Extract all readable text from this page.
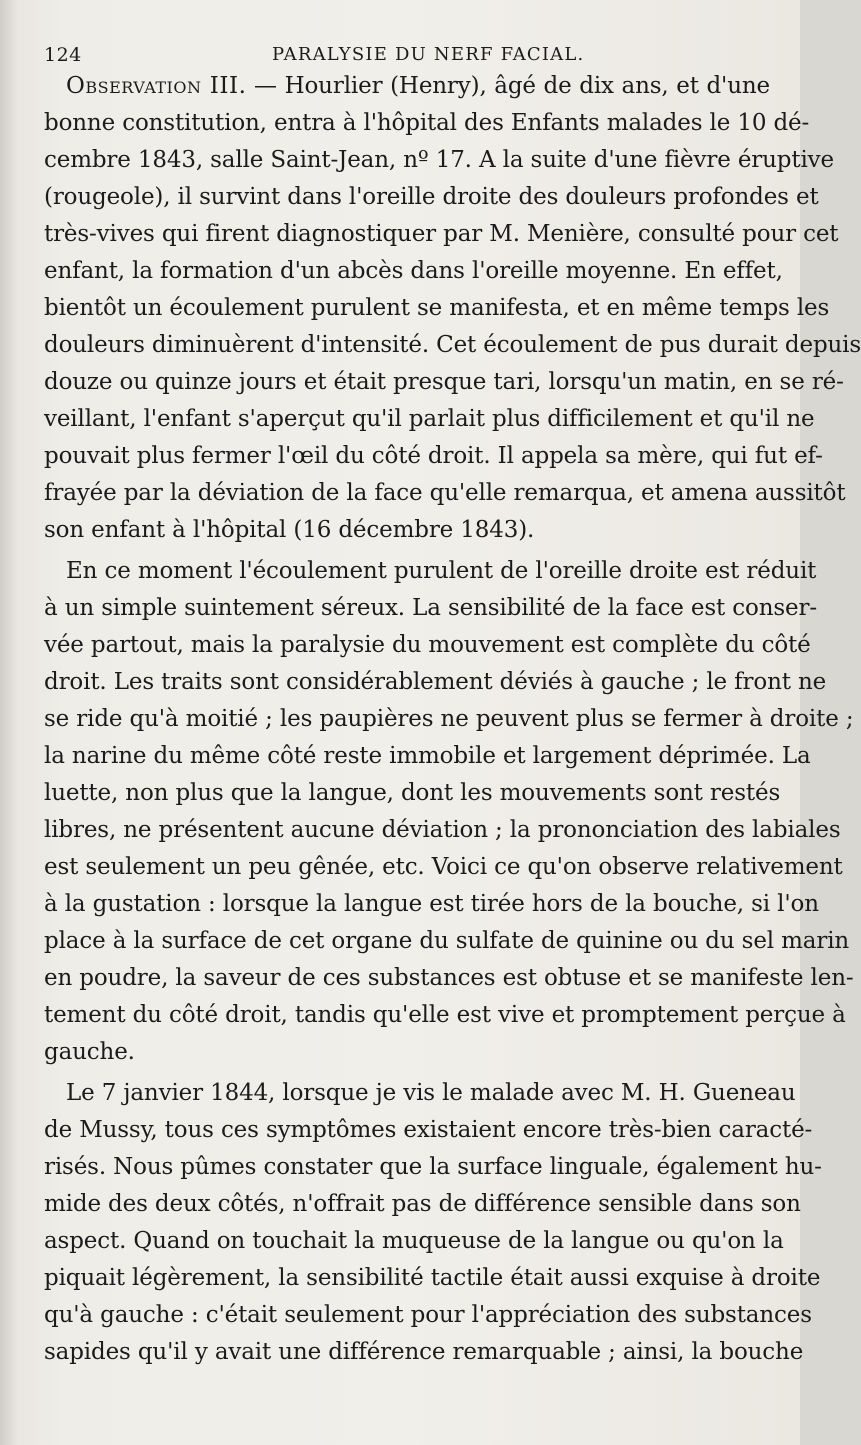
124	PARALYSIE DU NERF FACIAL.
Observation III. — Hourlier (Henry), âgé de dix ans, et d'une
bonne constitution, entra à l'hôpital des Enfants malades le 10 dé-
cembre 1843, salle Saint-Jean, nº 17. A la suite d'une fièvre éruptive
(rougeole), il survint dans l'oreille droite des douleurs profondes et
très-vives qui firent diagnostiquer par M. Menière, consulté pour cet
enfant, la formation d'un abcès dans l'oreille moyenne. En effet,
bientôt un écoulement purulent se manifesta, et en même temps les
douleurs diminuèrent d'intensité. Cet écoulement de pus durait depuis
douze ou quinze jours et était presque tari, lorsqu'un matin, en se ré-
veillant, l'enfant s'aperçut qu'il parlait plus difficilement et qu'il ne
pouvait plus fermer l'œil du côté droit. Il appela sa mère, qui fut ef-
frayée par la déviation de la face qu'elle remarqua, et amena aussitôt
son enfant à l'hôpital (16 décembre 1843).
En ce moment l'écoulement purulent de l'oreille droite est réduit
à un simple suintement séreux. La sensibilité de la face est conser-
vée partout, mais la paralysie du mouvement est complète du côté
droit. Les traits sont considérablement déviés à gauche ; le front ne
se ride qu'à moitié ; les paupières ne peuvent plus se fermer à droite ;
la narine du même côté reste immobile et largement déprimée. La
luette, non plus que la langue, dont les mouvements sont restés
libres, ne présentent aucune déviation ; la prononciation des labiales
est seulement un peu gênée, etc. Voici ce qu'on observe relativement
à la gustation : lorsque la langue est tirée hors de la bouche, si l'on
place à la surface de cet organe du sulfate de quinine ou du sel marin
en poudre, la saveur de ces substances est obtuse et se manifeste len-
tement du côté droit, tandis qu'elle est vive et promptement perçue à
gauche.
Le 7 janvier 1844, lorsque je vis le malade avec M. H. Gueneau
de Mussy, tous ces symptômes existaient encore très-bien caracté-
risés. Nous pûmes constater que la surface linguale, également hu-
mide des deux côtés, n'offrait pas de différence sensible dans son
aspect. Quand on touchait la muqueuse de la langue ou qu'on la
piquait légèrement, la sensibilité tactile était aussi exquise à droite
qu'à gauche : c'était seulement pour l'appréciation des substances
sapides qu'il y avait une différence remarquable ; ainsi, la bouche
